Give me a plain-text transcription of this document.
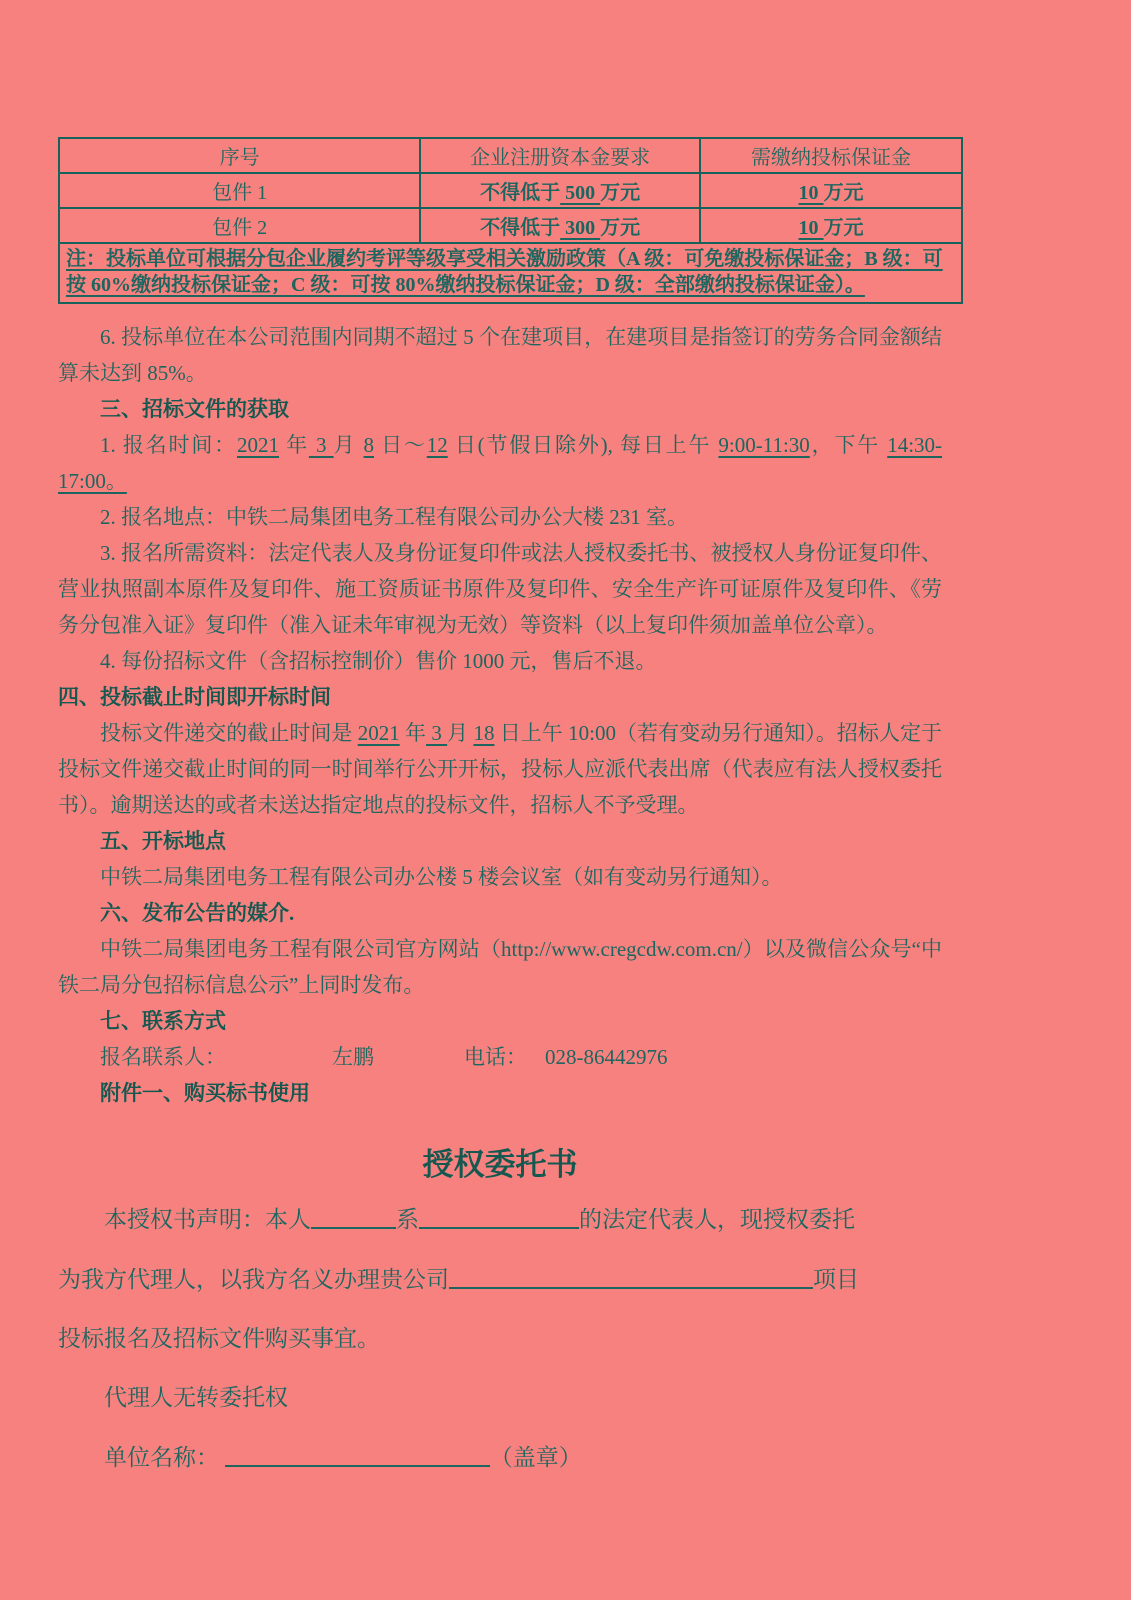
序号	企业注册资本金要求	需缴纳投标保证金
包件 1	不得低于 500 万元	10 万元
包件 2	不得低于 300 万元	10 万元
注：投标单位可根据分包企业履约考评等级享受相关激励政策（A 级：可免缴投标保证金；B 级：可按 60%缴纳投标保证金；C 级：可按 80%缴纳投标保证金；D 级：全部缴纳投标保证金）。		
6. 投标单位在本公司范围内同期不超过 5 个在建项目，在建项目是指签订的劳务合同金额结算未达到 85%。
三、招标文件的获取
1. 报名时间：2021 年 3 月 8 日～12 日(节假日除外), 每日上午 9:00-11:30，下午 14:30-17:00。
2. 报名地点：中铁二局集团电务工程有限公司办公大楼 231 室。
3. 报名所需资料：法定代表人及身份证复印件或法人授权委托书、被授权人身份证复印件、营业执照副本原件及复印件、施工资质证书原件及复印件、安全生产许可证原件及复印件、《劳务分包准入证》复印件（准入证未年审视为无效）等资料（以上复印件须加盖单位公章）。
4. 每份招标文件（含招标控制价）售价 1000 元，售后不退。
四、投标截止时间即开标时间
投标文件递交的截止时间是 2021 年 3 月 18 日上午 10:00（若有变动另行通知）。招标人定于投标文件递交截止时间的同一时间举行公开开标，投标人应派代表出席（代表应有法人授权委托书）。逾期送达的或者未送达指定地点的投标文件，招标人不予受理。
五、开标地点
中铁二局集团电务工程有限公司办公楼 5 楼会议室（如有变动另行通知）。
六、发布公告的媒介.
中铁二局集团电务工程有限公司官方网站（http://www.cregcdw.com.cn/）以及微信公众号“中铁二局分包招标信息公示”上同时发布。
七、联系方式
报名联系人：	左鹏	电话： 028-86442976
附件一、购买标书使用
授权委托书
本授权书声明：本人	系	的法定代表人，现授权委托
为我方代理人，以我方名义办理贵公司	项目
投标报名及招标文件购买事宜。
代理人无转委托权
单位名称：	（盖章）
